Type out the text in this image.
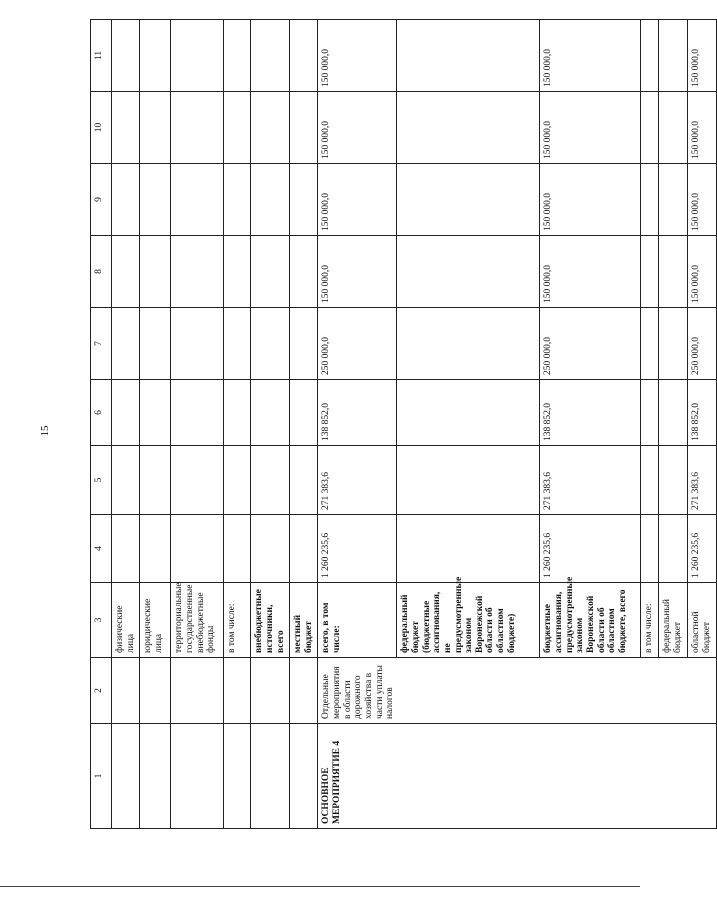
15
1	2	3	4	5	6	7	8	9	10	11
		физические лица								
		юридические лица								
		территориальные государственные внебюджетные фонды								
		в том числе:								
		внебюджетные источники, всего								
		местный бюджет								
ОСНОВНОЕ МЕРОПРИЯТИЕ 4	Отдельные мероприятия в области дорожного хозяйства в части уплаты налогов	всего, в том числе:	1 260 235,6	271 383,6	138 852,0	250 000,0	150 000,0	150 000,0	150 000,0	150 000,0
		федеральный бюджет (бюджетные ассигнования, не предусмотренные законом Воронежской области об областном бюджете)								
		бюджетные ассигнования, предусмотренные законом Воронежской области об областном бюджете, всего	1 260 235,6	271 383,6	138 852,0	250 000,0	150 000,0	150 000,0	150 000,0	150 000,0
		в том числе:								
		федеральный бюджет								
		областной бюджет	1 260 235,6	271 383,6	138 852,0	250 000,0	150 000,0	150 000,0	150 000,0	150 000,0
